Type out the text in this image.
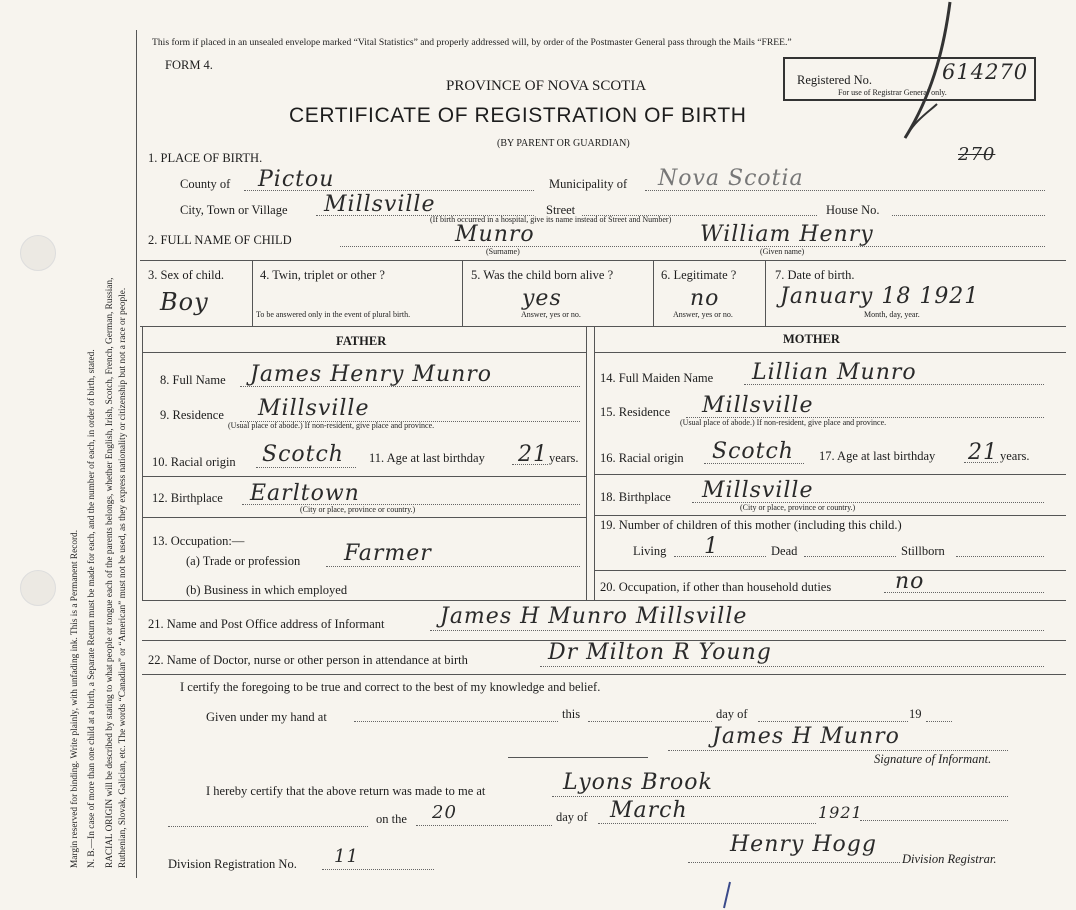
Margin reserved for binding. Write plainly, with unfading ink. This is a Permanent Record. N. B.—In case of more than one child at a birth, a Separate Return must be made for each, and the number of each, in order of birth, stated. RACIAL ORIGIN will be described by stating to what people or tongue each of the parents belongs, whether English, Irish, Scotch, French, German, Russian, Ruthenian, Slovak, Galician, etc. The words “Canadian” or “American” must not be used, as they express nationality or citizenship but not a race or people.
This form if placed in an unsealed envelope marked “Vital Statistics” and properly addressed will, by order of the Postmaster General pass through the Mails “FREE.”
FORM 4.
PROVINCE OF NOVA SCOTIA
CERTIFICATE OF REGISTRATION OF BIRTH
(BY PARENT OR GUARDIAN)
Registered No.	614270
For use of Registrar General only.
270
1. PLACE OF BIRTH.
County of Pictou	Municipality of Nova Scotia
City, Town or Village Millsville	Street	House No.
(If birth occurred in a hospital, give its name instead of Street and Number)
2. FULL NAME OF CHILD	Munro	William Henry
(Surname)	(Given name)
3. Sex of child.
Boy
4. Twin, triplet or other ?
To be answered only in the event of plural birth.
5. Was the child born alive ?
yes
Answer, yes or no.
6. Legitimate ?
no
Answer, yes or no.
7. Date of birth.
January 18 1921
Month, day, year.
FATHER	MOTHER
8. Full Name James Henry Munro
9. Residence Millsville
(Usual place of abode.) If non-resident, give place and province.
10. Racial origin Scotch 11. Age at last birthday 21 years.
12. Birthplace Earltown
(City or place, province or country.)
13. Occupation:—
(a) Trade or profession Farmer
(b) Business in which employed
14. Full Maiden Name Lillian Munro
15. Residence Millsville
(Usual place of abode.) If non-resident, give place and province.
16. Racial origin Scotch 17. Age at last birthday 21 years.
18. Birthplace Millsville
(City or place, province or country.)
19. Number of children of this mother (including this child.)
Living 1	Dead	Stillborn
20. Occupation, if other than household duties	no
21. Name and Post Office address of Informant	James H Munro Millsville
22. Name of Doctor, nurse or other person in attendance at birth	Dr Milton R Young
I certify the foregoing to be true and correct to the best of my knowledge and belief.
Given under my hand at	this	day of	19
James H Munro
Signature of Informant.
I hereby certify that the above return was made to me at	Lyons Brook
on the 20	day of March	1921
Henry Hogg
Division Registrar.
Division Registration No. 11
